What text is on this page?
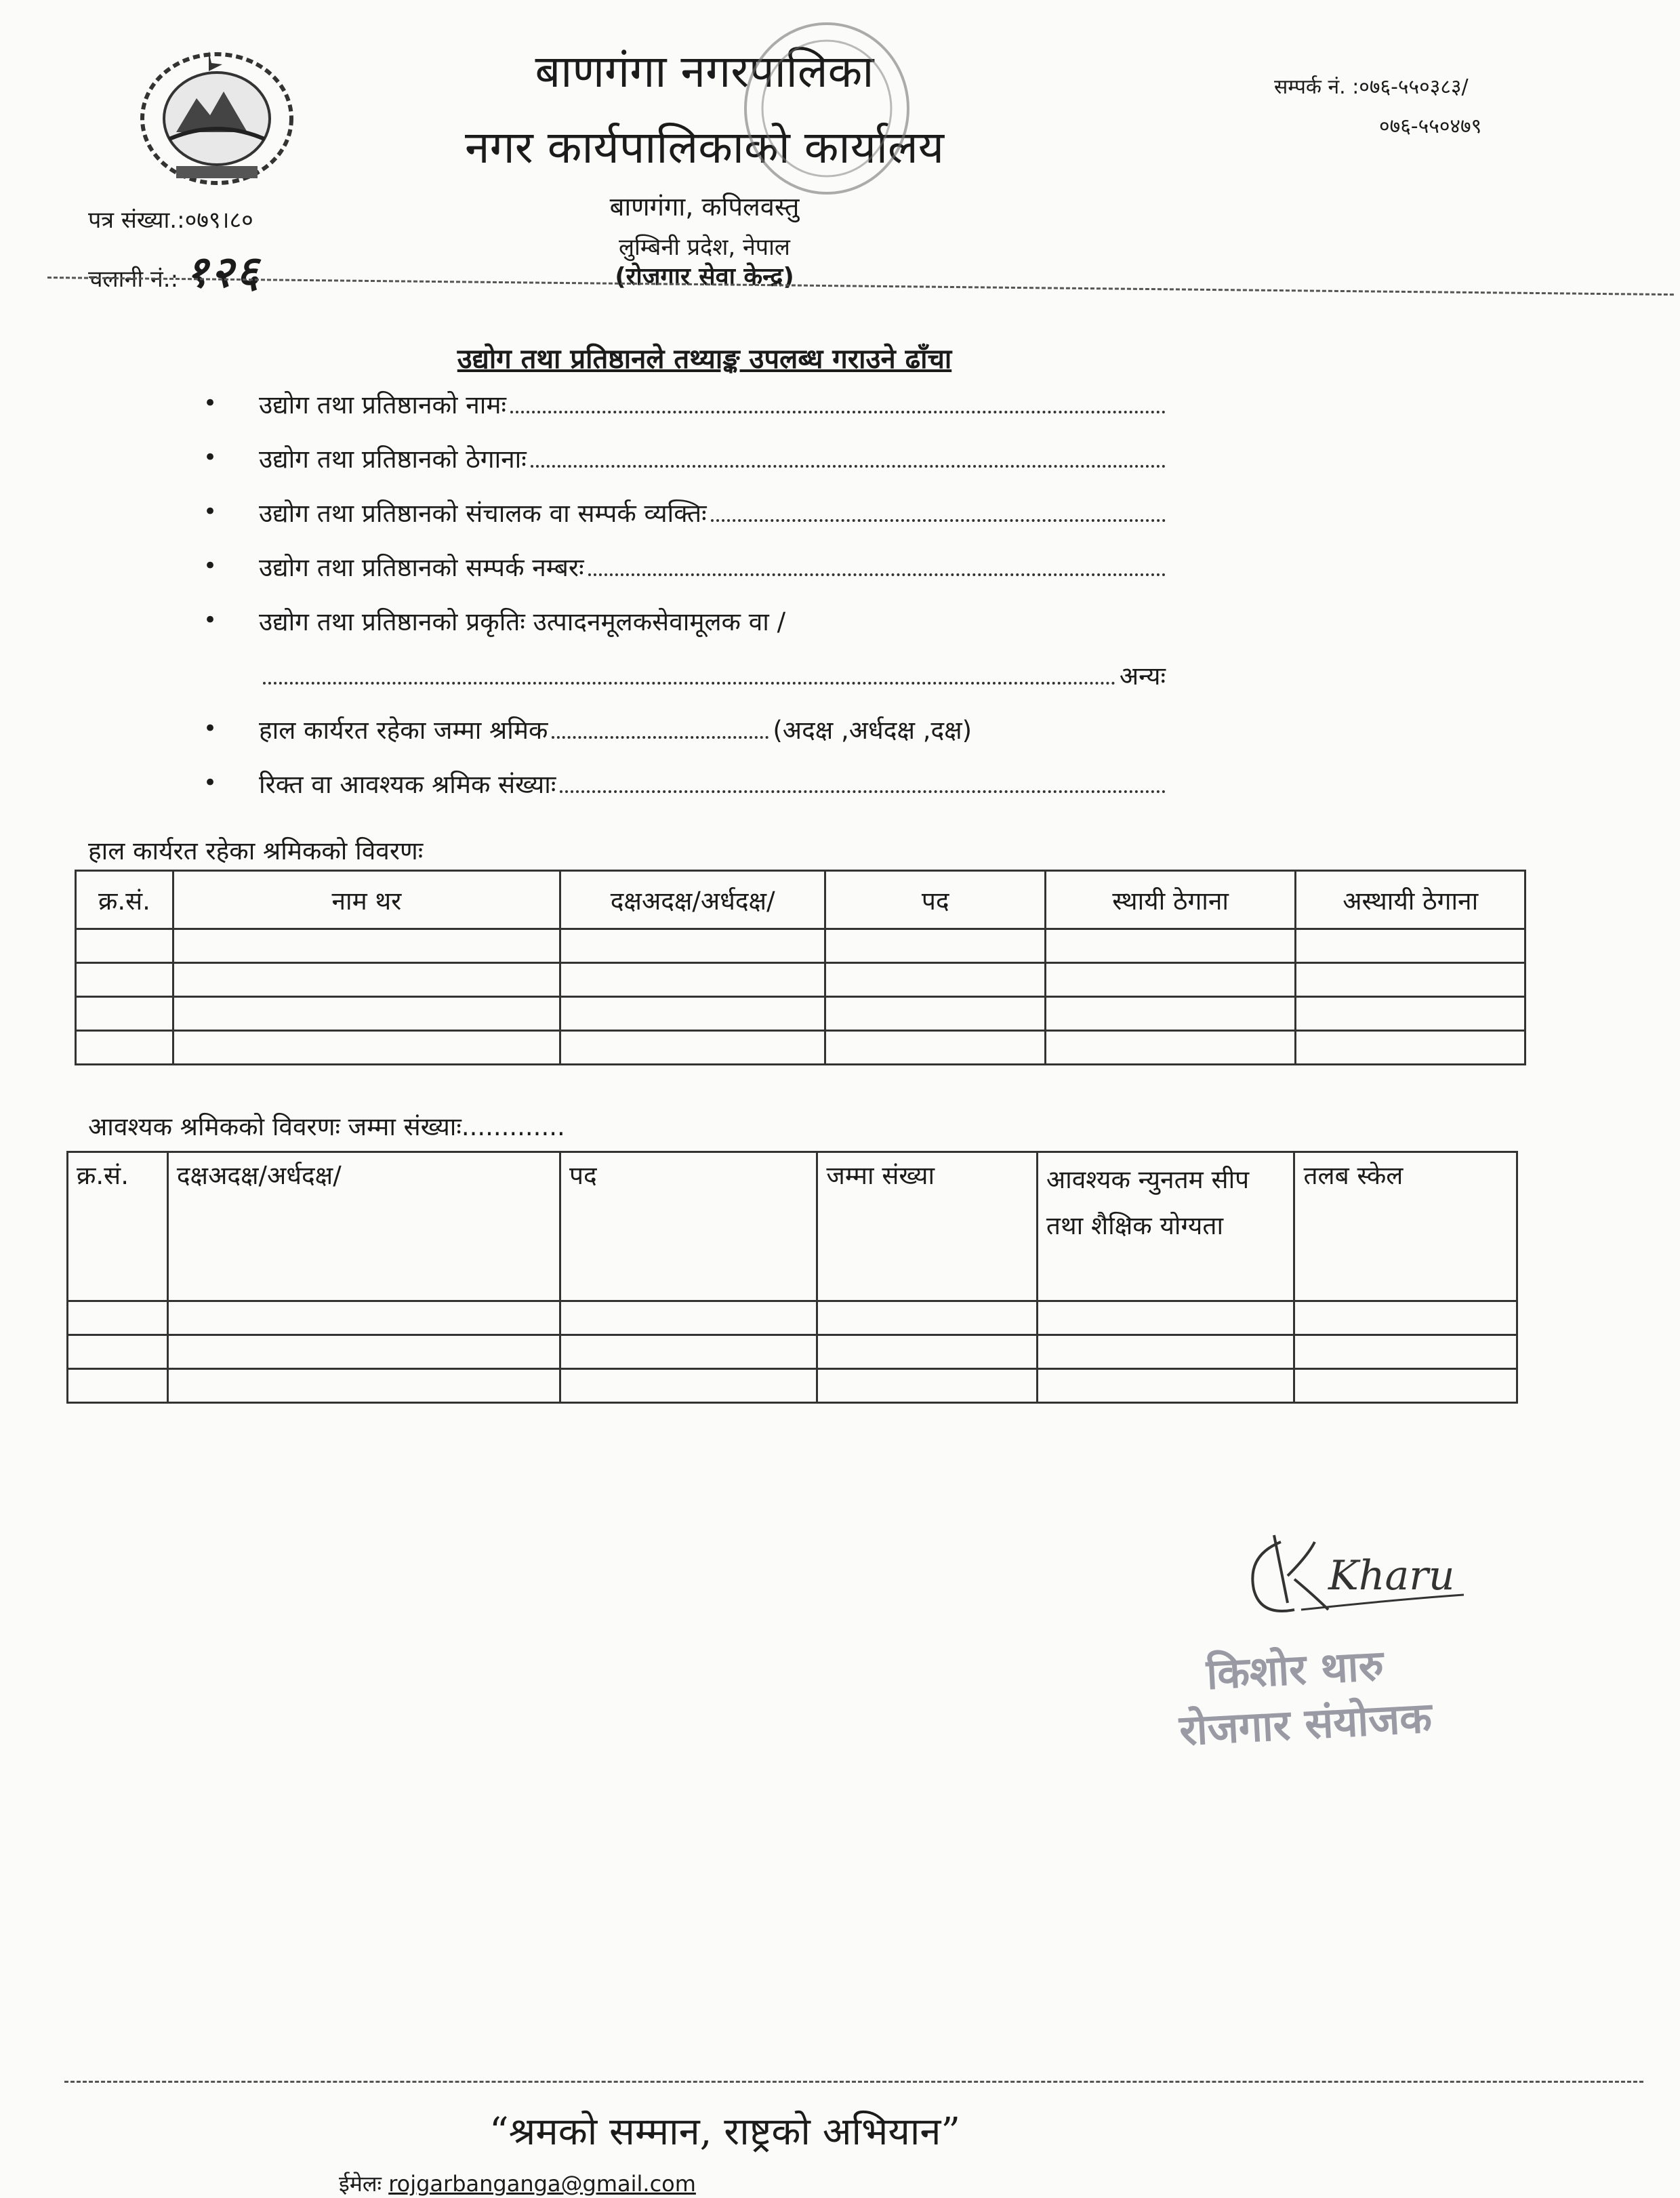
बाणगंगा नगरपालिका
नगर कार्यपालिकाको कार्यालय
बाणगंगा, कपिलवस्तु
लुम्बिनी प्रदेश, नेपाल
(रोजगार सेवा केन्द्र)
सम्पर्क नं. :०७६-५५०३८३/
०७६-५५०४७९
पत्र संख्या.:०७९।८०
चलानी नं.: १२६
उद्योग तथा प्रतिष्ठानले तथ्याङ्क उपलब्ध गराउने ढाँचा
•	उद्योग तथा प्रतिष्ठानको नामः
•	उद्योग तथा प्रतिष्ठानको ठेगानाः
•	उद्योग तथा प्रतिष्ठानको संचालक वा सम्पर्क व्यक्तिः
•	उद्योग तथा प्रतिष्ठानको सम्पर्क नम्बरः
•	उद्योग तथा प्रतिष्ठानको प्रकृतिः उत्पादनमूलकसेवामूलक वा /
अन्यः
•	हाल कार्यरत रहेका जम्मा श्रमिक	(अदक्ष ,अर्धदक्ष ,दक्ष)
•	रिक्त वा आवश्यक श्रमिक संख्याः
हाल कार्यरत रहेका श्रमिकको विवरणः
क्र.सं.	नाम थर	दक्षअदक्ष/अर्धदक्ष/	पद	स्थायी ठेगाना	अस्थायी ठेगाना

आवश्यक श्रमिकको विवरणः जम्मा संख्याः.............
क्र.सं.	दक्षअदक्ष/अर्धदक्ष/	पद	जम्मा संख्या	आवश्यक न्युनतम सीप तथा शैक्षिक योग्यता	तलब स्केल

Kharu
किशोर थारु
रोजगार संयोजक
“श्रमको सम्मान, राष्ट्रको अभियान”
ईमेलः rojgarbanganga@gmail.com
